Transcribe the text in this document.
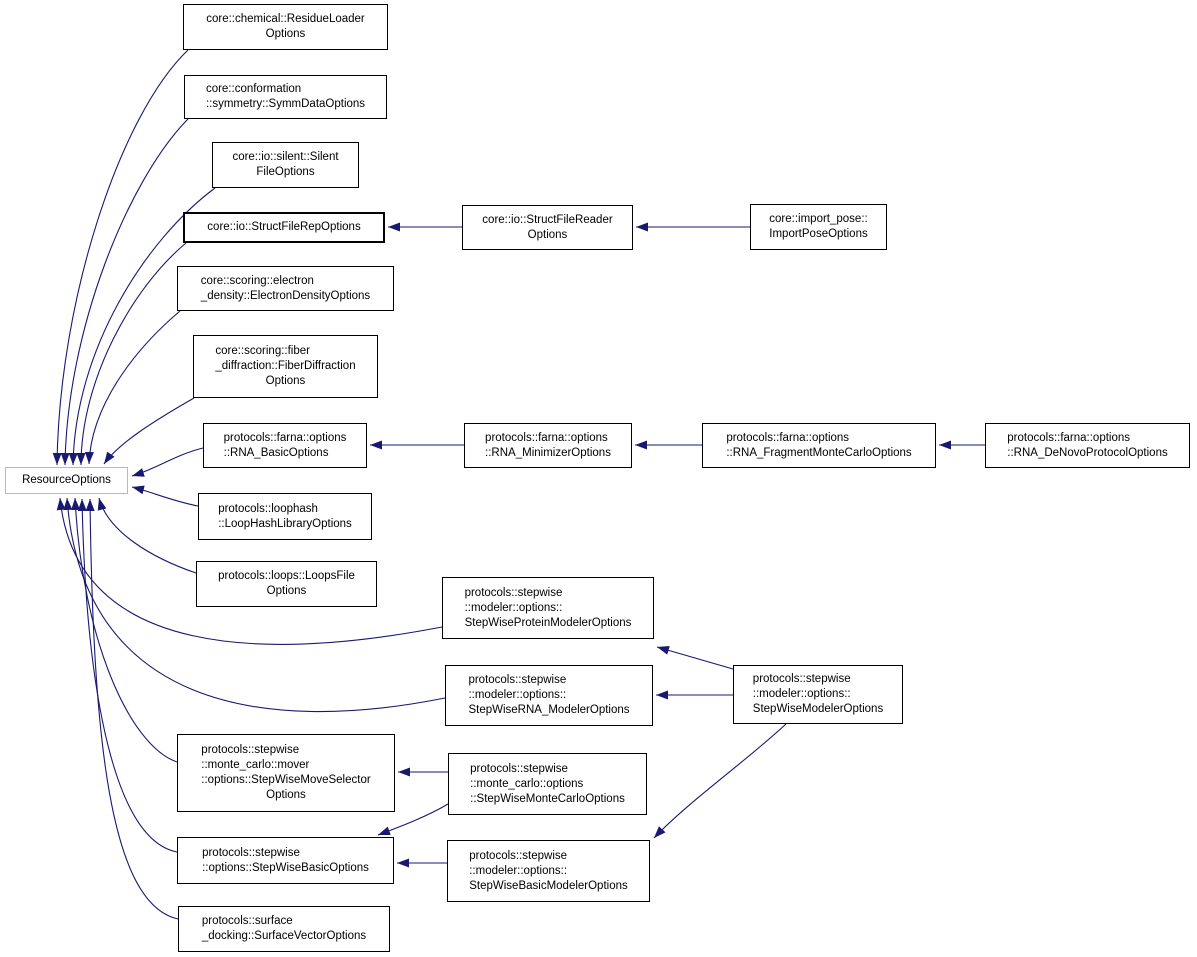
ResourceOptions
core::chemical::ResidueLoader
Options
core::conformation
::symmetry::SymmDataOptions
core::io::silent::Silent
FileOptions
core::io::StructFileRepOptions
core::scoring::electron
_density::ElectronDensityOptions
core::scoring::fiber
_diffraction::FiberDiffraction
Options
protocols::farna::options
::RNA_BasicOptions
protocols::loophash
::LoopHashLibraryOptions
protocols::loops::LoopsFile
Options	protocols::stepwise
::modeler::options::
StepWiseProteinModelerOptions
protocols::stepwise
::modeler::options::
StepWiseRNA_ModelerOptions
protocols::stepwise
::monte_carlo::mover
::options::StepWiseMoveSelector
Options
protocols::stepwise
::options::StepWiseBasicOptions
protocols::surface
_docking::SurfaceVectorOptions
core::io::StructFileReader
Options
core::import_pose::
ImportPoseOptions
protocols::farna::options
::RNA_MinimizerOptions
protocols::farna::options
::RNA_FragmentMonteCarloOptions
protocols::farna::options
::RNA_DeNovoProtocolOptions
protocols::stepwise
::modeler::options::
StepWiseModelerOptions
protocols::stepwise
::monte_carlo::options
::StepWiseMonteCarloOptions
protocols::stepwise
::modeler::options::
StepWiseBasicModelerOptions
